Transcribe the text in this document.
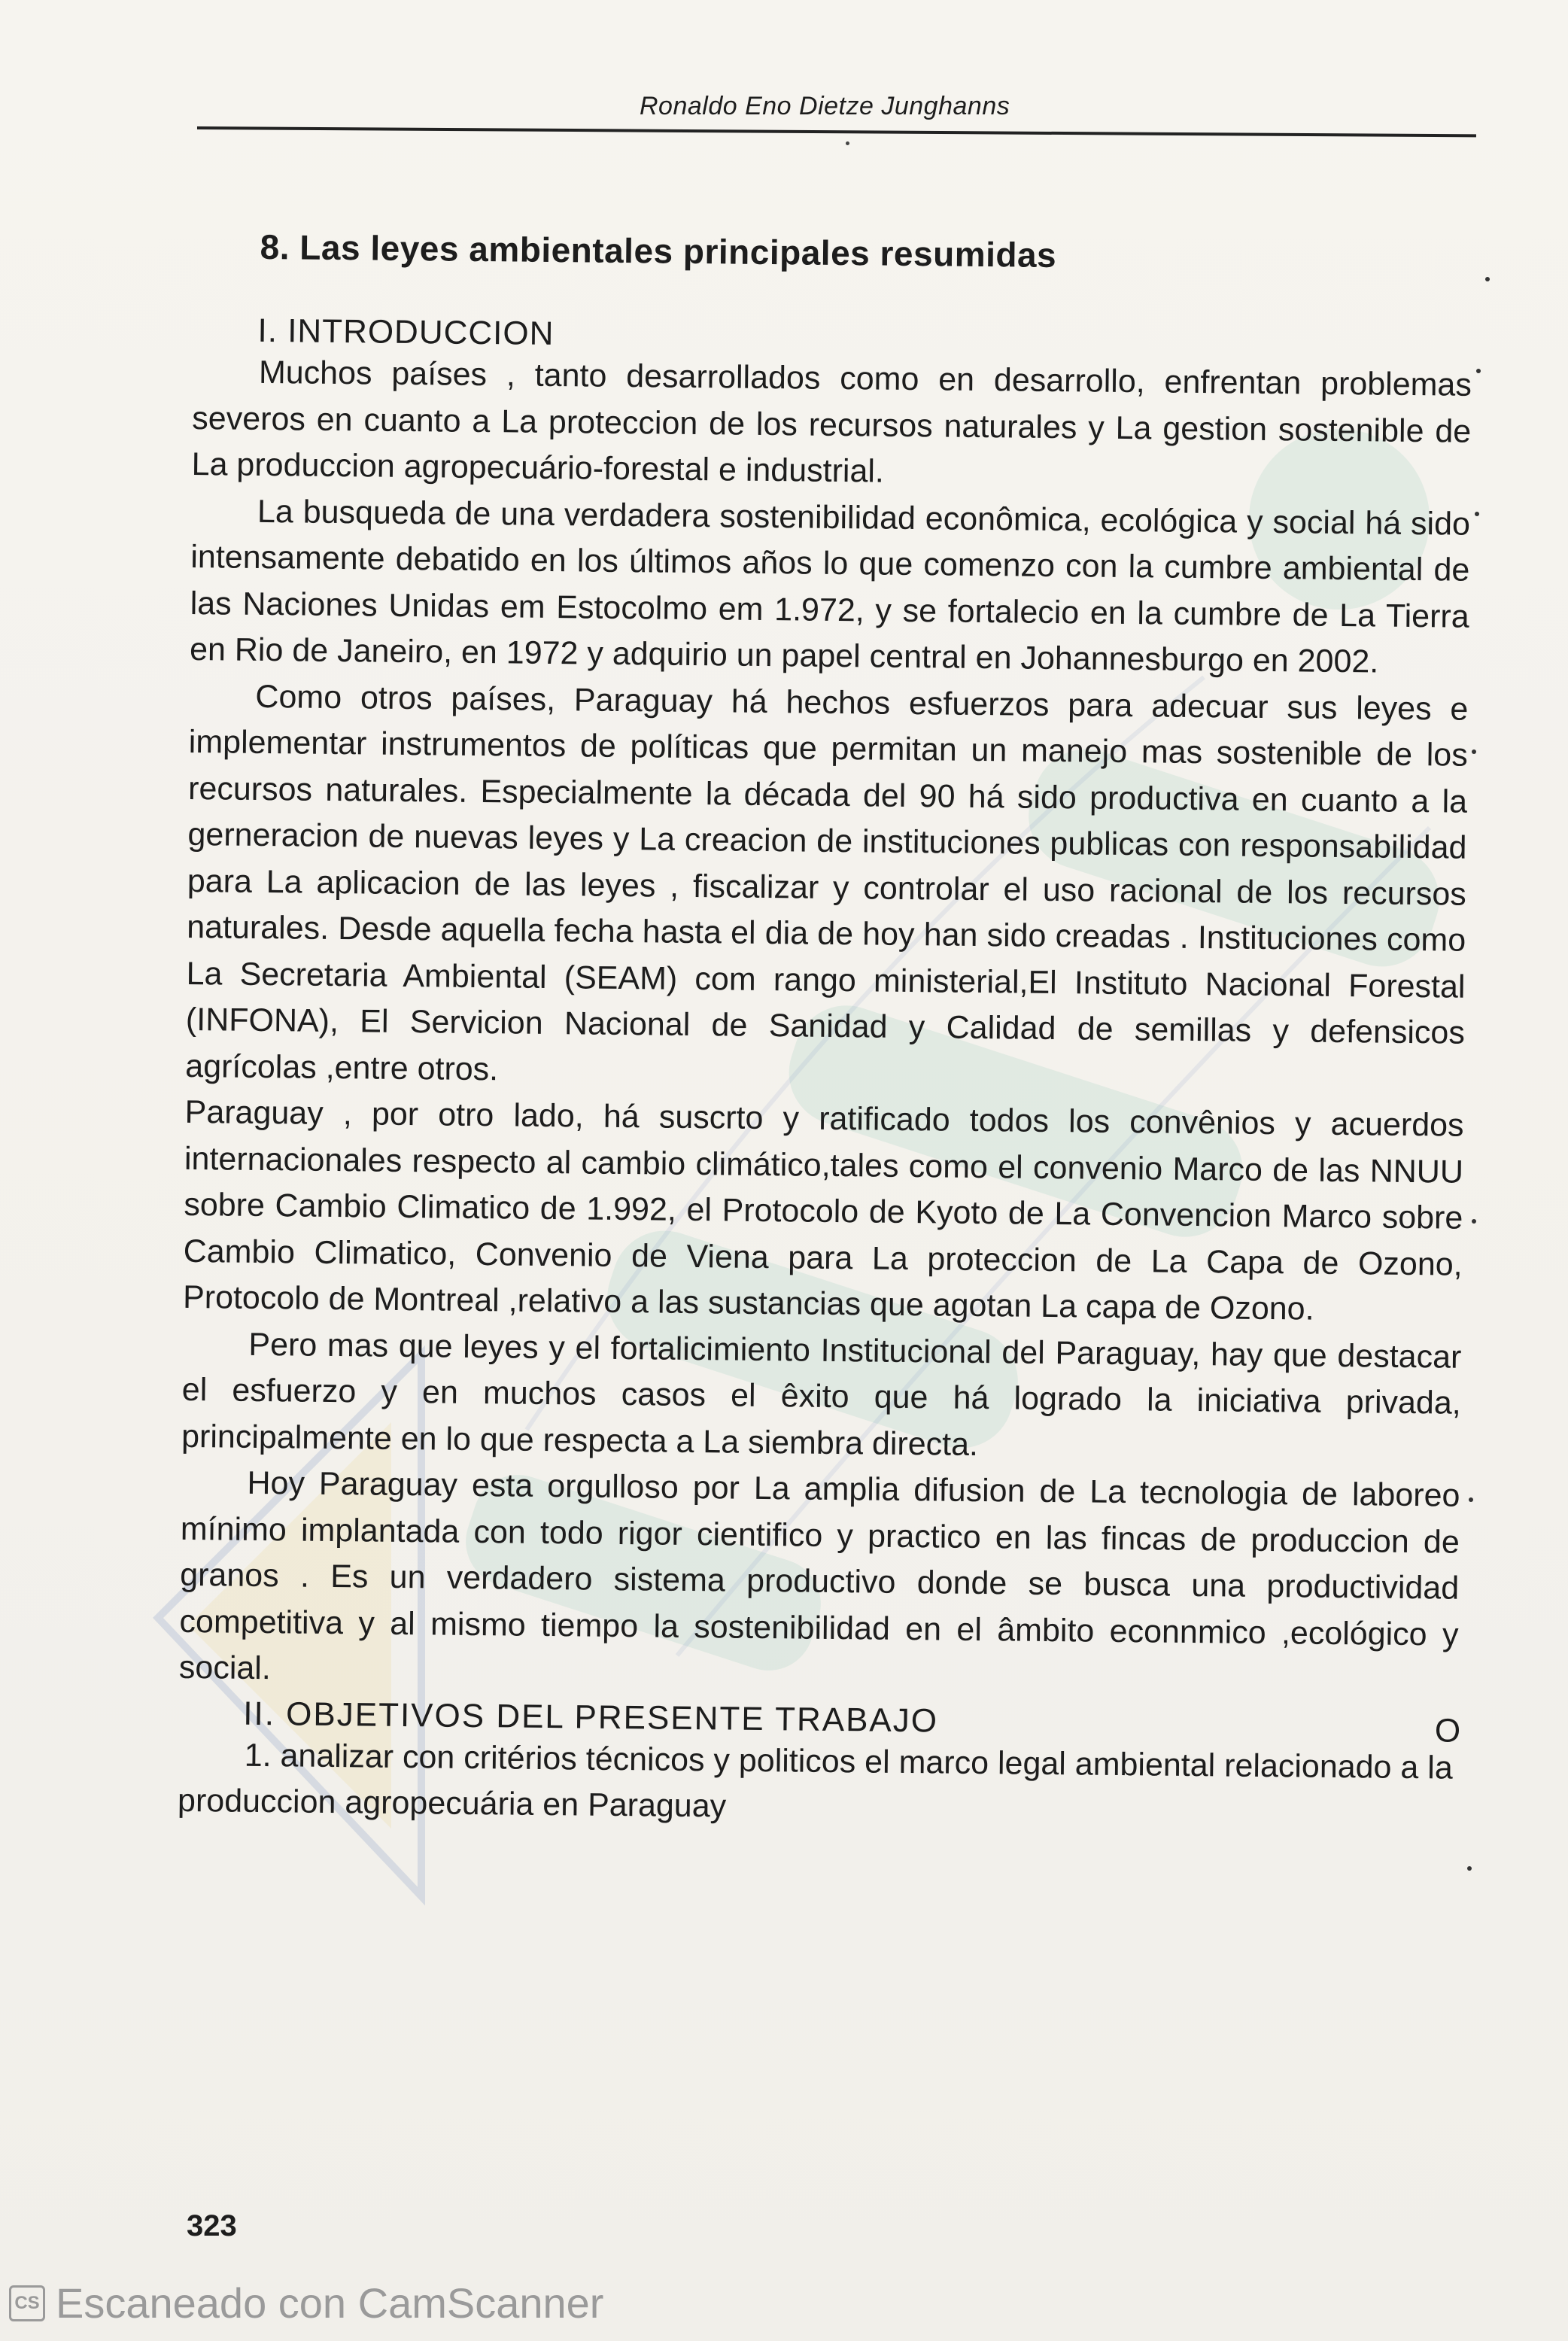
Ronaldo Eno Dietze Junghanns
8. Las leyes ambientales principales resumidas
I. INTRODUCCION

Muchos países , tanto desarrollados como en desarrollo, enfrentan problemas severos en cuanto a La proteccion de los recursos naturales y La gestion sostenible de La produccion agropecuário-forestal e industrial.

La busqueda de una verdadera sostenibilidad econômica, ecológica y social há sido intensamente debatido en los últimos años lo que comenzo con la cumbre ambiental de las Naciones Unidas em Estocolmo em 1.972, y se fortalecio en la cumbre de La Tierra en Rio de Janeiro, en 1972 y adquirio un papel central en Johannesburgo en 2002.

Como otros países, Paraguay há hechos esfuerzos para adecuar sus leyes e implementar instrumentos de políticas que permitan un manejo mas sostenible de los recursos naturales. Especialmente la década del 90 há sido productiva en cuanto a la gerneracion de nuevas leyes y La creacion de instituciones publicas con responsabilidad para La aplicacion de las leyes , fiscalizar y controlar el uso racional de los recursos naturales. Desde aquella fecha hasta el dia de hoy han sido creadas . Instituciones como La Secretaria Ambiental (SEAM) com rango ministerial,El Instituto Nacional Forestal (INFONA), El Servicion Nacional de Sanidad y Calidad de semillas y defensicos agrícolas ,entre otros.

Paraguay , por otro lado, há suscrto y ratificado todos los convênios y acuerdos internacionales respecto al cambio climático,tales como el convenio Marco de las NNUU sobre Cambio Climatico de 1.992, el Protocolo de Kyoto de La Convencion Marco sobre Cambio Climatico, Convenio de Viena para La proteccion de La Capa de Ozono, Protocolo de Montreal ,relativo a las sustancias que agotan La capa de Ozono.

Pero mas que leyes y el fortalicimiento Institucional del Paraguay, hay que destacar el esfuerzo y en muchos casos el êxito que há logrado la iniciativa privada, principalmente en lo que respecta a La siembra directa.

Hoy Paraguay esta orgulloso por La amplia difusion de La tecnologia de laboreo mínimo implantada con todo rigor cientifico y practico en las fincas de produccion de granos . Es un verdadero sistema productivo donde se busca una productividad competitiva y al mismo tiempo la sostenibilidad en el âmbito econnmico ,ecológico y social.

II. OBJETIVOS DEL PRESENTE TRABAJO	O

1. analizar con critérios técnicos y politicos el marco legal ambiental relacionado a la produccion agropecuária en Paraguay

323
CS Escaneado con CamScanner
